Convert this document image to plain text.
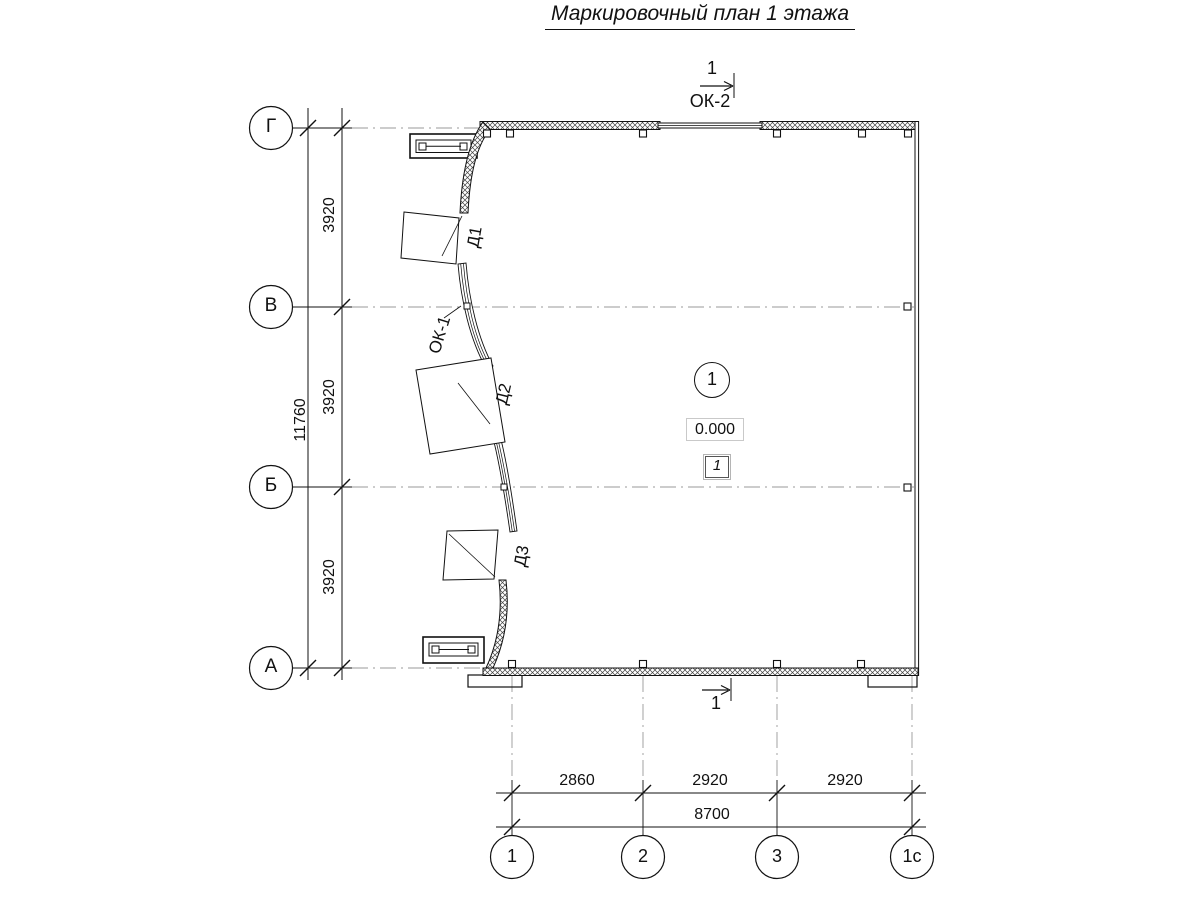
Маркировочный план 1 этажа
Г
В
Б
А
1	2	3	1с
3920
3920
3920
11760
2860	2920	2920
8700
Д1
Д2
Д3
ОК-1
ОК-2
1
1
1
0.000
1
